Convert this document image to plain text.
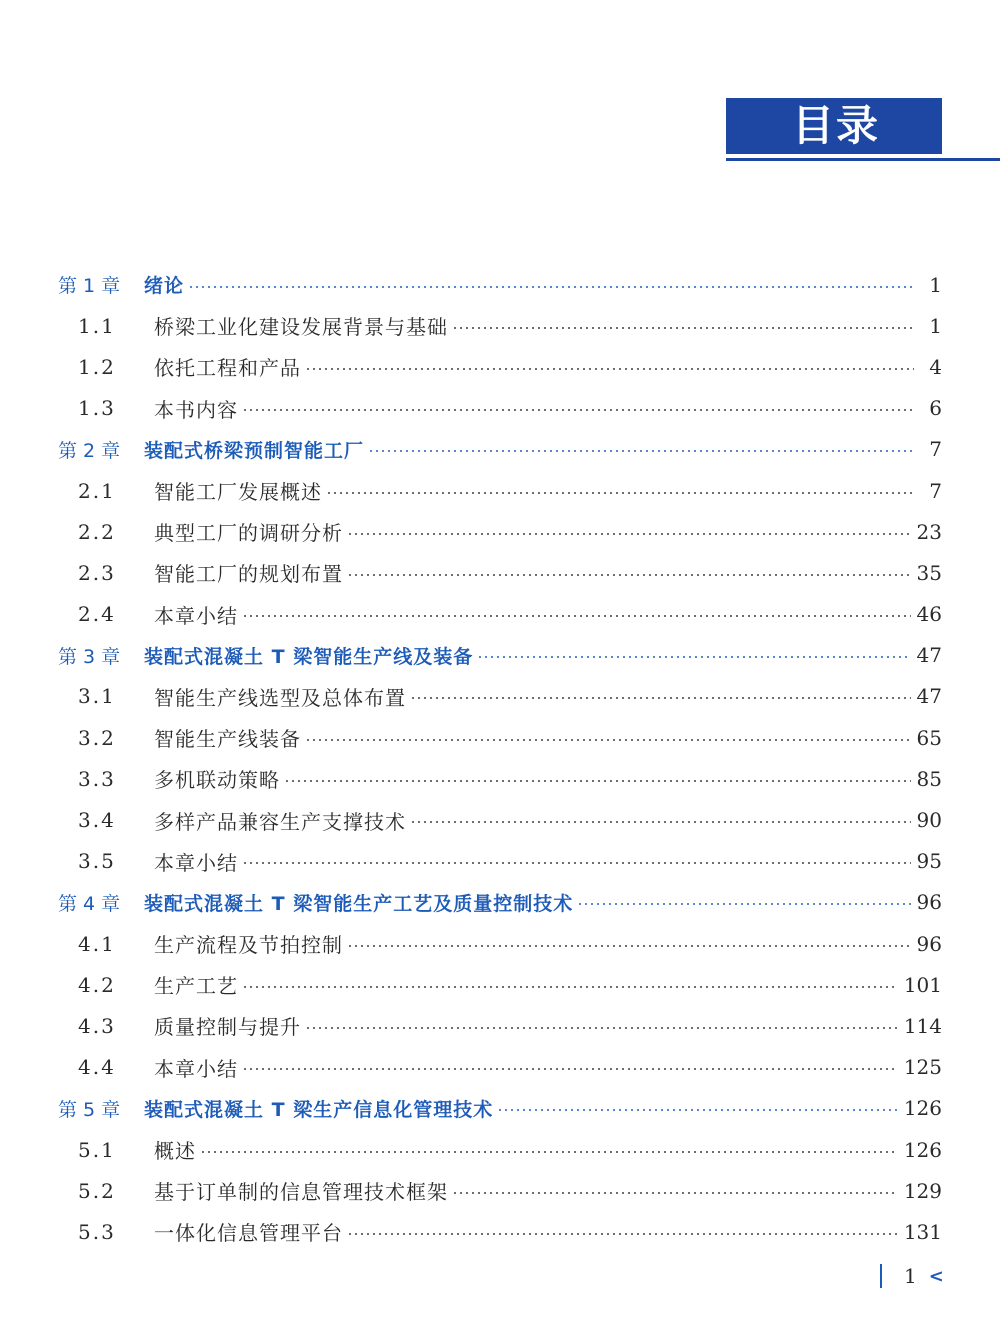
目录
第 1 章	绪论	1
1.1	桥梁工业化建设发展背景与基础	1
1.2	依托工程和产品	4
1.3	本书内容	6
第 2 章	装配式桥梁预制智能工厂	7
2.1	智能工厂发展概述	7
2.2	典型工厂的调研分析	23
2.3	智能工厂的规划布置	35
2.4	本章小结	46
第 3 章	装配式混凝土 T 梁智能生产线及装备	47
3.1	智能生产线选型及总体布置	47
3.2	智能生产线装备	65
3.3	多机联动策略	85
3.4	多样产品兼容生产支撑技术	90
3.5	本章小结	95
第 4 章	装配式混凝土 T 梁智能生产工艺及质量控制技术	96
4.1	生产流程及节拍控制	96
4.2	生产工艺	101
4.3	质量控制与提升	114
4.4	本章小结	125
第 5 章	装配式混凝土 T 梁生产信息化管理技术	126
5.1	概述	126
5.2	基于订单制的信息管理技术框架	129
5.3	一体化信息管理平台	131
1 <
